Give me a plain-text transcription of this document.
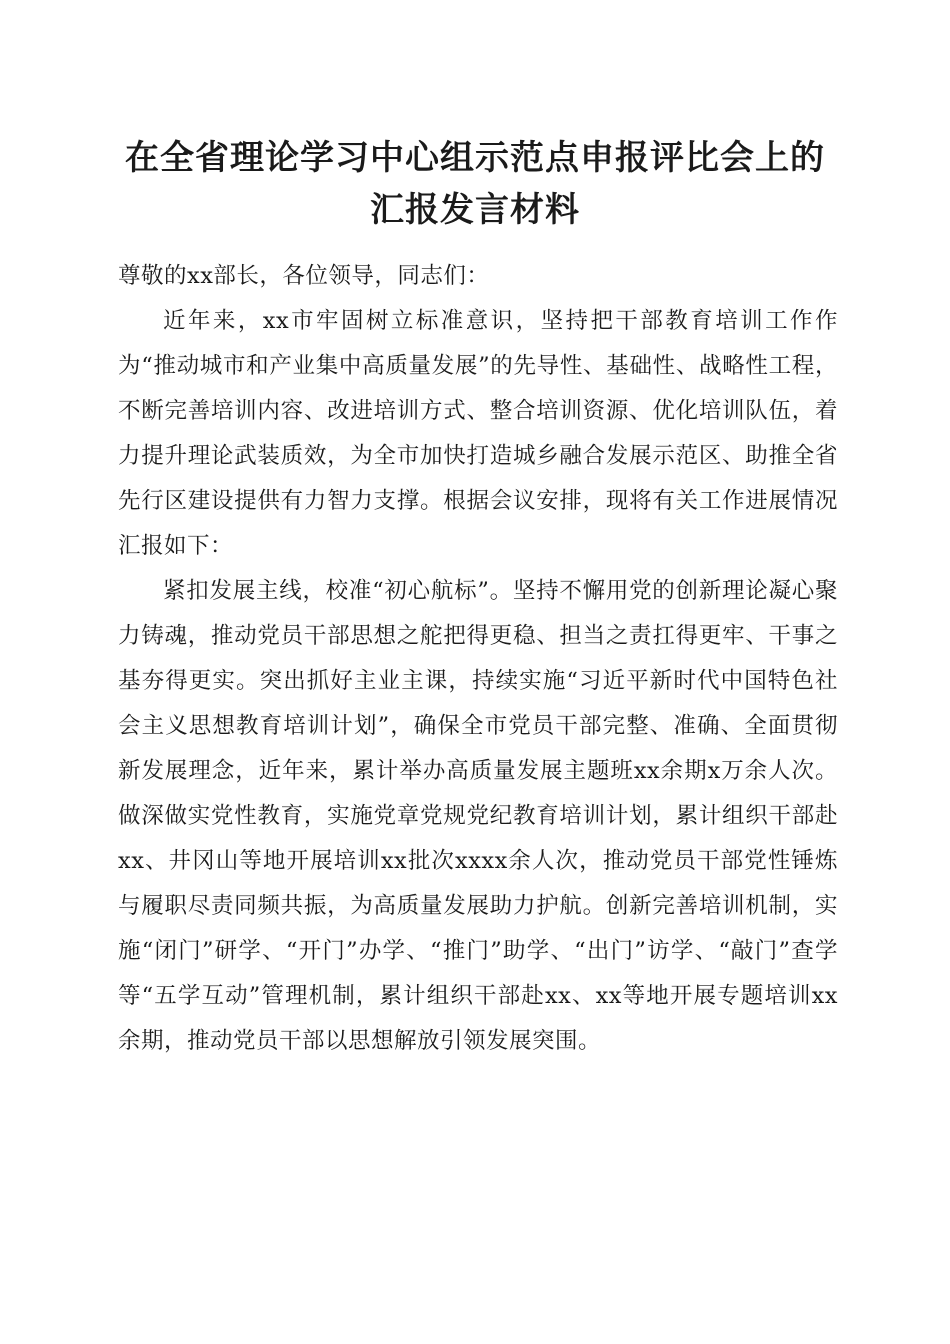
在全省理论学习中心组示范点申报评比会上的
汇报发言材料

尊敬的xx部长，各位领导，同志们：

近年来，xx市牢固树立标准意识，坚持把干部教育培训工作作为“推动城市和产业集中高质量发展”的先导性、基础性、战略性工程，不断完善培训内容、改进培训方式、整合培训资源、优化培训队伍，着力提升理论武装质效，为全市加快打造城乡融合发展示范区、助推全省先行区建设提供有力智力支撑。根据会议安排，现将有关工作进展情况汇报如下：

紧扣发展主线，校准“初心航标”。坚持不懈用党的创新理论凝心聚力铸魂，推动党员干部思想之舵把得更稳、担当之责扛得更牢、干事之基夯得更实。突出抓好主业主课，持续实施“习近平新时代中国特色社会主义思想教育培训计划”，确保全市党员干部完整、准确、全面贯彻新发展理念，近年来，累计举办高质量发展主题班xx余期x万余人次。做深做实党性教育，实施党章党规党纪教育培训计划，累计组织干部赴xx、井冈山等地开展培训xx批次xxxx余人次，推动党员干部党性锤炼与履职尽责同频共振，为高质量发展助力护航。创新完善培训机制，实施“闭门”研学、“开门”办学、“推门”助学、“出门”访学、“敲门”查学等“五学互动”管理机制，累计组织干部赴xx、xx等地开展专题培训xx余期，推动党员干部以思想解放引领发展突围。
